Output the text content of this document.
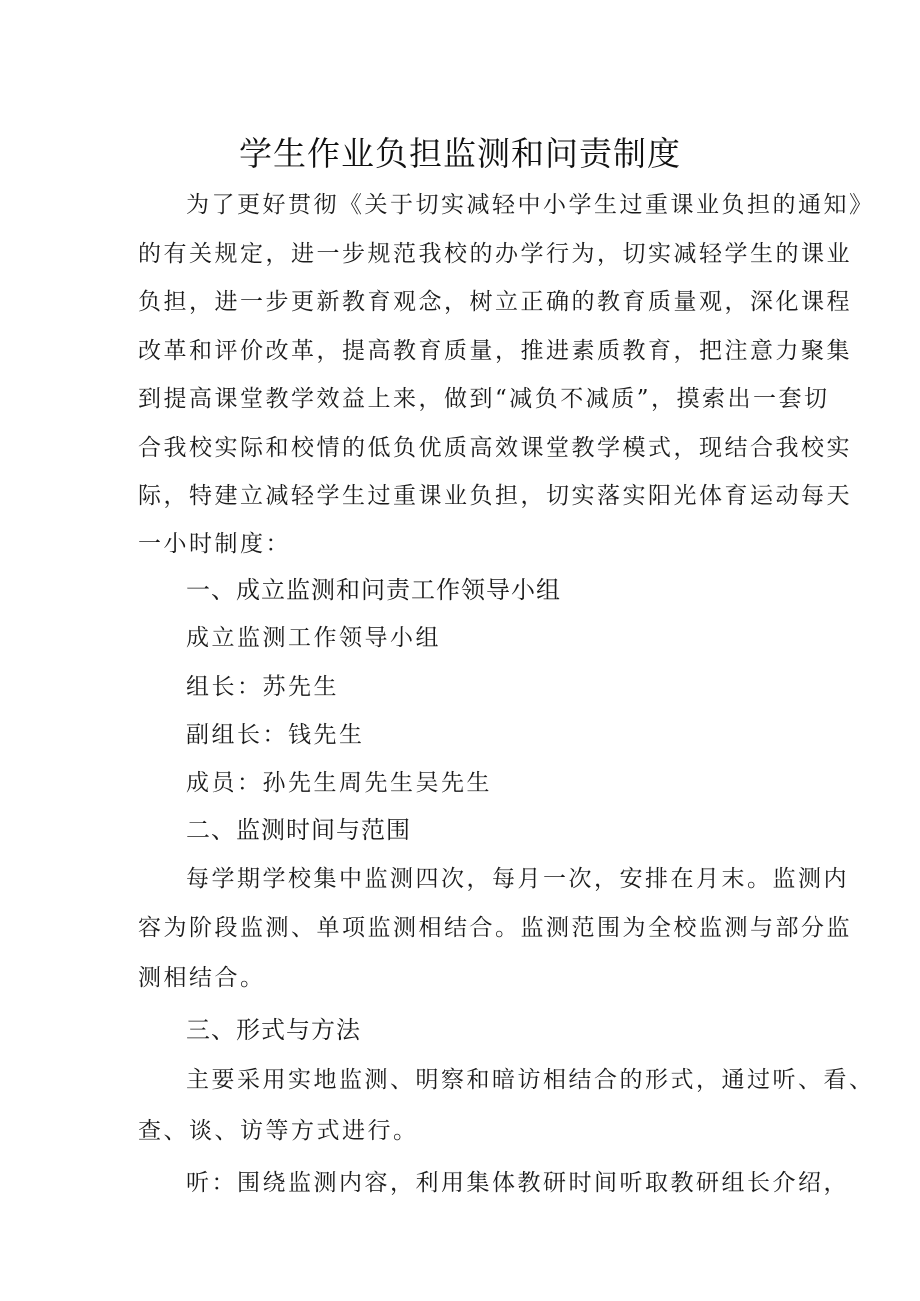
学生作业负担监测和问责制度
为了更好贯彻《关于切实减轻中小学生过重课业负担的通知》
的有关规定，进一步规范我校的办学行为，切实减轻学生的课业
负担，进一步更新教育观念，树立正确的教育质量观，深化课程
改革和评价改革，提高教育质量，推进素质教育，把注意力聚集
到提高课堂教学效益上来，做到“减负不减质”，摸索出一套切
合我校实际和校情的低负优质高效课堂教学模式，现结合我校实
际，特建立减轻学生过重课业负担，切实落实阳光体育运动每天
一小时制度：
一、成立监测和问责工作领导小组
成立监测工作领导小组
组长：苏先生
副组长：钱先生
成员：孙先生周先生吴先生
二、监测时间与范围
每学期学校集中监测四次，每月一次，安排在月末。监测内
容为阶段监测、单项监测相结合。监测范围为全校监测与部分监
测相结合。
三、形式与方法
主要采用实地监测、明察和暗访相结合的形式，通过听、看、
查、谈、访等方式进行。
听：围绕监测内容，利用集体教研时间听取教研组长介绍，
